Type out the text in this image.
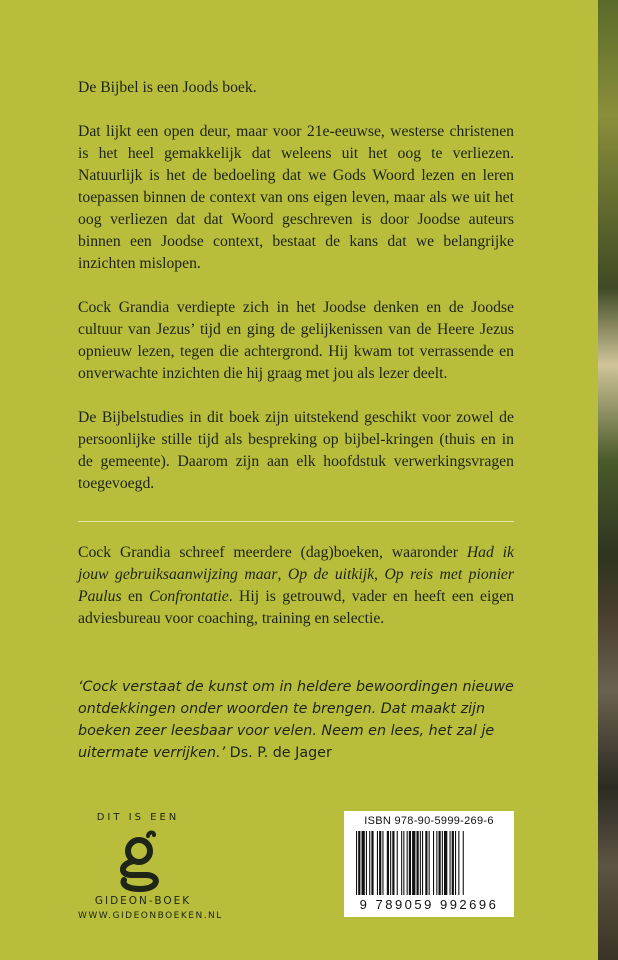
De Bijbel is een Joods boek.

Dat lijkt een open deur, maar voor 21e-eeuwse, westerse christenen is het heel gemakkelijk dat weleens uit het oog te verliezen. Natuurlijk is het de bedoeling dat we Gods Woord lezen en leren toepassen binnen de context van ons eigen leven, maar als we uit het oog verliezen dat dat Woord geschreven is door Joodse auteurs binnen een Joodse context, bestaat de kans dat we belangrijke inzichten mislopen.

Cock Grandia verdiepte zich in het Joodse denken en de Joodse cultuur van Jezus’ tijd en ging de gelijkenissen van de Heere Jezus opnieuw lezen, tegen die achtergrond. Hij kwam tot verrassende en onverwachte inzichten die hij graag met jou als lezer deelt.

De Bijbelstudies in dit boek zijn uitstekend geschikt voor zowel de persoonlijke stille tijd als bespreking op bijbel-kringen (thuis en in de gemeente). Daarom zijn aan elk hoofdstuk verwerkingsvragen toegevoegd.

Cock Grandia schreef meerdere (dag)boeken, waaronder Had ik jouw gebruiksaanwijzing maar, Op de uitkijk, Op reis met pionier Paulus en Confrontatie. Hij is getrouwd, vader en heeft een eigen adviesbureau voor coaching, training en selectie.

‘Cock verstaat de kunst om in heldere bewoordingen nieuwe ontdekkingen onder woorden te brengen. Dat maakt zijn boeken zeer leesbaar voor velen. Neem en lees, het zal je uitermate verrijken.’ Ds. P. de Jager
DIT IS EEN
GIDEON-BOEK
WWW.GIDEONBOEKEN.NL
ISBN 978-90-5999-269-6
9 789059 992696
